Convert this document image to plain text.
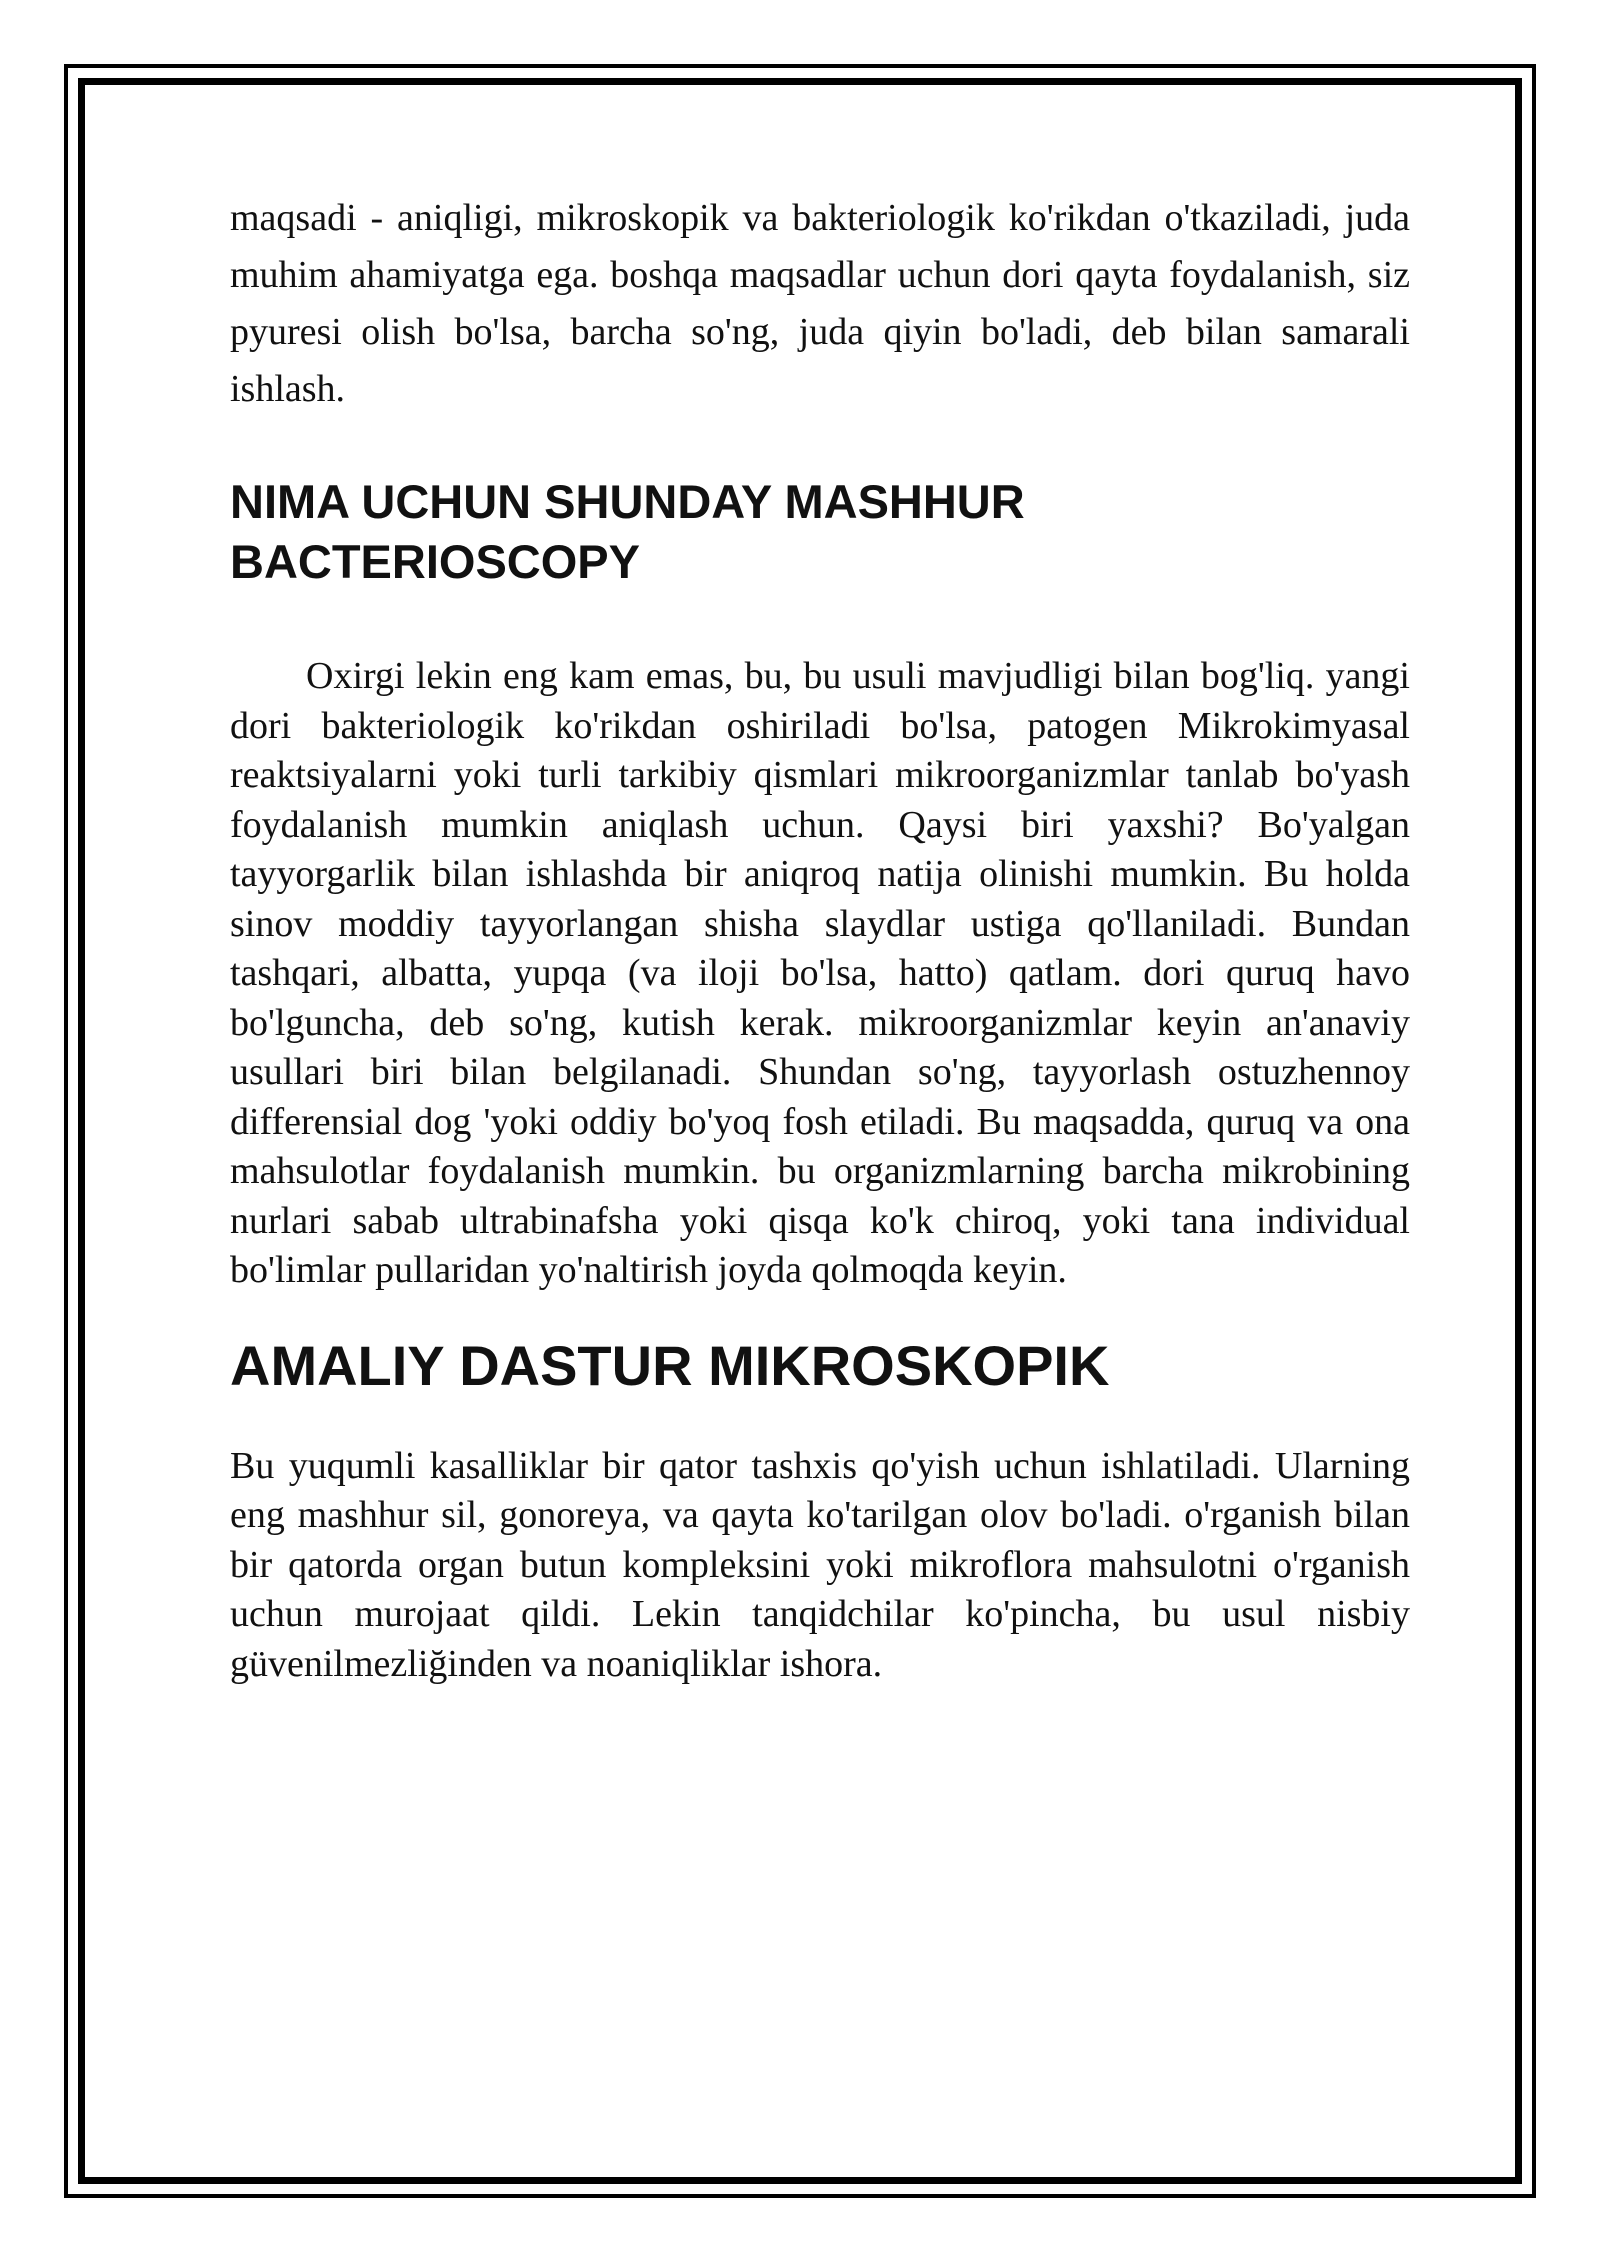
maqsadi - aniqligi, mikroskopik va bakteriologik ko'rikdan o'tkaziladi, juda muhim ahamiyatga ega. boshqa maqsadlar uchun dori qayta foydalanish, siz pyuresi olish bo'lsa, barcha so'ng, juda qiyin bo'ladi, deb bilan samarali ishlash.

NIMA UCHUN SHUNDAY MASHHUR BACTERIOSCOPY

Oxirgi lekin eng kam emas, bu, bu usuli mavjudligi bilan bog'liq. yangi dori bakteriologik ko'rikdan oshiriladi bo'lsa, patogen Mikrokimyasal reaktsiyalarni yoki turli tarkibiy qismlari mikroorganizmlar tanlab bo'yash foydalanish mumkin aniqlash uchun. Qaysi biri yaxshi? Bo'yalgan tayyorgarlik bilan ishlashda bir aniqroq natija olinishi mumkin. Bu holda sinov moddiy tayyorlangan shisha slaydlar ustiga qo'llaniladi. Bundan tashqari, albatta, yupqa (va iloji bo'lsa, hatto) qatlam. dori quruq havo bo'lguncha, deb so'ng, kutish kerak. mikroorganizmlar keyin an'anaviy usullari biri bilan belgilanadi. Shundan so'ng, tayyorlash ostuzhennoy differensial dog 'yoki oddiy bo'yoq fosh etiladi. Bu maqsadda, quruq va ona mahsulotlar foydalanish mumkin. bu organizmlarning barcha mikrobining nurlari sabab ultrabinafsha yoki qisqa ko'k chiroq, yoki tana individual bo'limlar pullaridan yo'naltirish joyda qolmoqda keyin.

AMALIY DASTUR MIKROSKOPIK

Bu yuqumli kasalliklar bir qator tashxis qo'yish uchun ishlatiladi. Ularning eng mashhur sil, gonoreya, va qayta ko'tarilgan olov bo'ladi. o'rganish bilan bir qatorda organ butun kompleksini yoki mikroflora mahsulotni o'rganish uchun murojaat qildi. Lekin tanqidchilar ko'pincha, bu usul nisbiy güvenilmezliğinden va noaniqliklar ishora.
